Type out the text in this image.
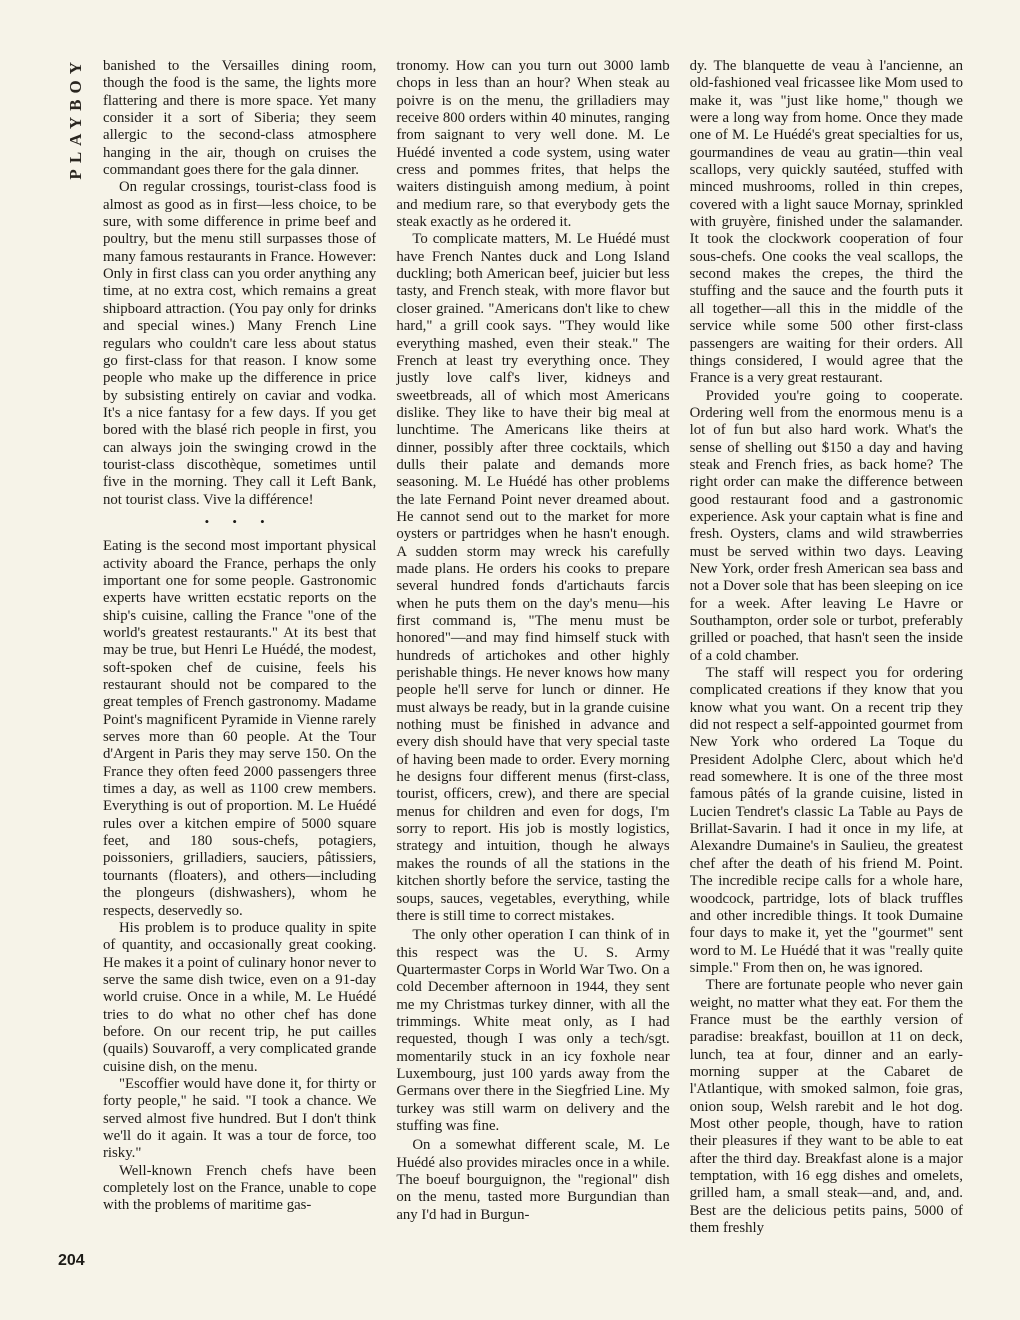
PLAYBOY
204

banished to the Versailles dining room, though the food is the same, the lights more flattering and there is more space. Yet many consider it a sort of Siberia; they seem allergic to the second-class atmosphere hanging in the air, though on cruises the commandant goes there for the gala dinner.

On regular crossings, tourist-class food is almost as good as in first—less choice, to be sure, with some difference in prime beef and poultry, but the menu still surpasses those of many famous restaurants in France. However: Only in first class can you order anything any time, at no extra cost, which remains a great shipboard attraction. (You pay only for drinks and special wines.) Many French Line regulars who couldn't care less about status go first-class for that reason. I know some people who make up the difference in price by subsisting entirely on caviar and vodka. It's a nice fantasy for a few days. If you get bored with the blasé rich people in first, you can always join the swinging crowd in the tourist-class discothèque, sometimes until five in the morning. They call it Left Bank, not tourist class. Vive la différence!

• • •

Eating is the second most important physical activity aboard the France, perhaps the only important one for some people. Gastronomic experts have written ecstatic reports on the ship's cuisine, calling the France "one of the world's greatest restaurants." At its best that may be true, but Henri Le Huédé, the modest, soft-spoken chef de cuisine, feels his restaurant should not be compared to the great temples of French gastronomy. Madame Point's magnificent Pyramide in Vienne rarely serves more than 60 people. At the Tour d'Argent in Paris they may serve 150. On the France they often feed 2000 passengers three times a day, as well as 1100 crew members. Everything is out of proportion. M. Le Huédé rules over a kitchen empire of 5000 square feet, and 180 sous-chefs, potagiers, poissoniers, grilladiers, sauciers, pâtissiers, tournants (floaters), and others—including the plongeurs (dishwashers), whom he respects, deservedly so.

His problem is to produce quality in spite of quantity, and occasionally great cooking. He makes it a point of culinary honor never to serve the same dish twice, even on a 91-day world cruise. Once in a while, M. Le Huédé tries to do what no other chef has done before. On our recent trip, he put cailles (quails) Souvaroff, a very complicated grande cuisine dish, on the menu.

"Escoffier would have done it, for thirty or forty people," he said. "I took a chance. We served almost five hundred. But I don't think we'll do it again. It was a tour de force, too risky."

Well-known French chefs have been completely lost on the France, unable to cope with the problems of maritime gas-

tronomy. How can you turn out 3000 lamb chops in less than an hour? When steak au poivre is on the menu, the grilladiers may receive 800 orders within 40 minutes, ranging from saignant to very well done. M. Le Huédé invented a code system, using water cress and pommes frites, that helps the waiters distinguish among medium, à point and medium rare, so that everybody gets the steak exactly as he ordered it.

To complicate matters, M. Le Huédé must have French Nantes duck and Long Island duckling; both American beef, juicier but less tasty, and French steak, with more flavor but closer grained. "Americans don't like to chew hard," a grill cook says. "They would like everything mashed, even their steak." The French at least try everything once. They justly love calf's liver, kidneys and sweetbreads, all of which most Americans dislike. They like to have their big meal at lunchtime. The Americans like theirs at dinner, possibly after three cocktails, which dulls their palate and demands more seasoning. M. Le Huédé has other problems the late Fernand Point never dreamed about. He cannot send out to the market for more oysters or partridges when he hasn't enough. A sudden storm may wreck his carefully made plans. He orders his cooks to prepare several hundred fonds d'artichauts farcis when he puts them on the day's menu—his first command is, "The menu must be honored"—and may find himself stuck with hundreds of artichokes and other highly perishable things. He never knows how many people he'll serve for lunch or dinner. He must always be ready, but in la grande cuisine nothing must be finished in advance and every dish should have that very special taste of having been made to order. Every morning he designs four different menus (first-class, tourist, officers, crew), and there are special menus for children and even for dogs, I'm sorry to report. His job is mostly logistics, strategy and intuition, though he always makes the rounds of all the stations in the kitchen shortly before the service, tasting the soups, sauces, vegetables, everything, while there is still time to correct mistakes.

The only other operation I can think of in this respect was the U. S. Army Quartermaster Corps in World War Two. On a cold December afternoon in 1944, they sent me my Christmas turkey dinner, with all the trimmings. White meat only, as I had requested, though I was only a tech/sgt. momentarily stuck in an icy foxhole near Luxembourg, just 100 yards away from the Germans over there in the Siegfried Line. My turkey was still warm on delivery and the stuffing was fine.

On a somewhat different scale, M. Le Huédé also provides miracles once in a while. The boeuf bourguignon, the "regional" dish on the menu, tasted more Burgundian than any I'd had in Burgun-

dy. The blanquette de veau à l'ancienne, an old-fashioned veal fricassee like Mom used to make it, was "just like home," though we were a long way from home. Once they made one of M. Le Huédé's great specialties for us, gourmandines de veau au gratin—thin veal scallops, very quickly sautéed, stuffed with minced mushrooms, rolled in thin crepes, covered with a light sauce Mornay, sprinkled with gruyère, finished under the salamander. It took the clockwork cooperation of four sous-chefs. One cooks the veal scallops, the second makes the crepes, the third the stuffing and the sauce and the fourth puts it all together—all this in the middle of the service while some 500 other first-class passengers are waiting for their orders. All things considered, I would agree that the France is a very great restaurant.

Provided you're going to cooperate. Ordering well from the enormous menu is a lot of fun but also hard work. What's the sense of shelling out $150 a day and having steak and French fries, as back home? The right order can make the difference between good restaurant food and a gastronomic experience. Ask your captain what is fine and fresh. Oysters, clams and wild strawberries must be served within two days. Leaving New York, order fresh American sea bass and not a Dover sole that has been sleeping on ice for a week. After leaving Le Havre or Southampton, order sole or turbot, preferably grilled or poached, that hasn't seen the inside of a cold chamber.

The staff will respect you for ordering complicated creations if they know that you know what you want. On a recent trip they did not respect a self-appointed gourmet from New York who ordered La Toque du President Adolphe Clerc, about which he'd read somewhere. It is one of the three most famous pâtés of la grande cuisine, listed in Lucien Tendret's classic La Table au Pays de Brillat-Savarin. I had it once in my life, at Alexandre Dumaine's in Saulieu, the greatest chef after the death of his friend M. Point. The incredible recipe calls for a whole hare, woodcock, partridge, lots of black truffles and other incredible things. It took Dumaine four days to make it, yet the "gourmet" sent word to M. Le Huédé that it was "really quite simple." From then on, he was ignored.

There are fortunate people who never gain weight, no matter what they eat. For them the France must be the earthly version of paradise: breakfast, bouillon at 11 on deck, lunch, tea at four, dinner and an early-morning supper at the Cabaret de l'Atlantique, with smoked salmon, foie gras, onion soup, Welsh rarebit and le hot dog. Most other people, though, have to ration their pleasures if they want to be able to eat after the third day. Breakfast alone is a major temptation, with 16 egg dishes and omelets, grilled ham, a small steak—and, and, and. Best are the delicious petits pains, 5000 of them freshly
